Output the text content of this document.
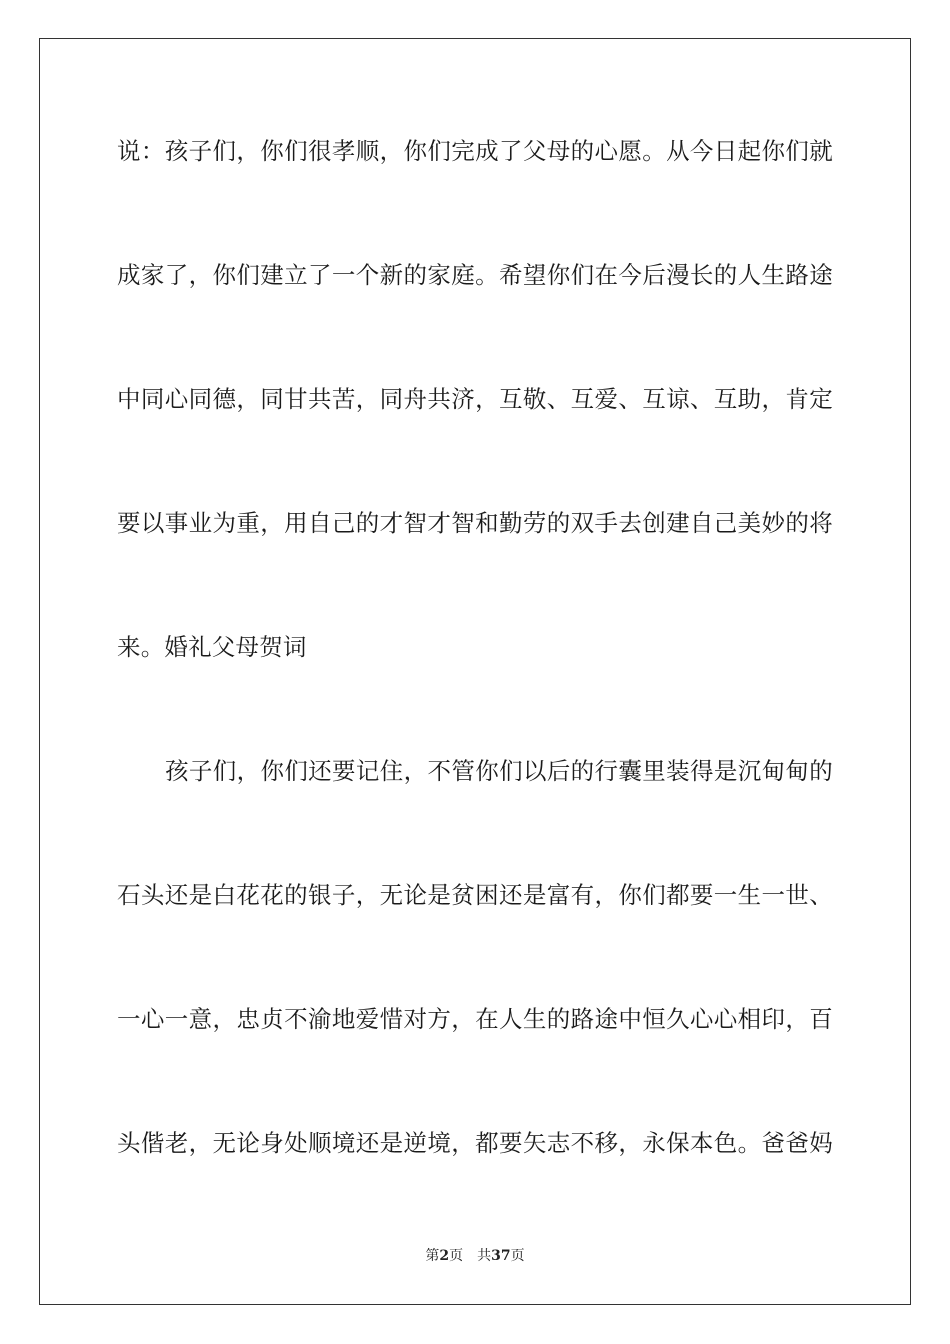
说：孩子们，你们很孝顺，你们完成了父母的心愿。从今日起你们就
成家了，你们建立了一个新的家庭。希望你们在今后漫长的人生路途
中同心同德，同甘共苦，同舟共济，互敬、互爱、互谅、互助，肯定
要以事业为重，用自己的才智才智和勤劳的双手去创建自己美妙的将
来。婚礼父母贺词
孩子们，你们还要记住，不管你们以后的行囊里装得是沉甸甸的
石头还是白花花的银子，无论是贫困还是富有，你们都要一生一世、
一心一意，忠贞不渝地爱惜对方，在人生的路途中恒久心心相印，百
头偕老，无论身处顺境还是逆境，都要矢志不移，永保本色。爸爸妈
第2页 共37页
